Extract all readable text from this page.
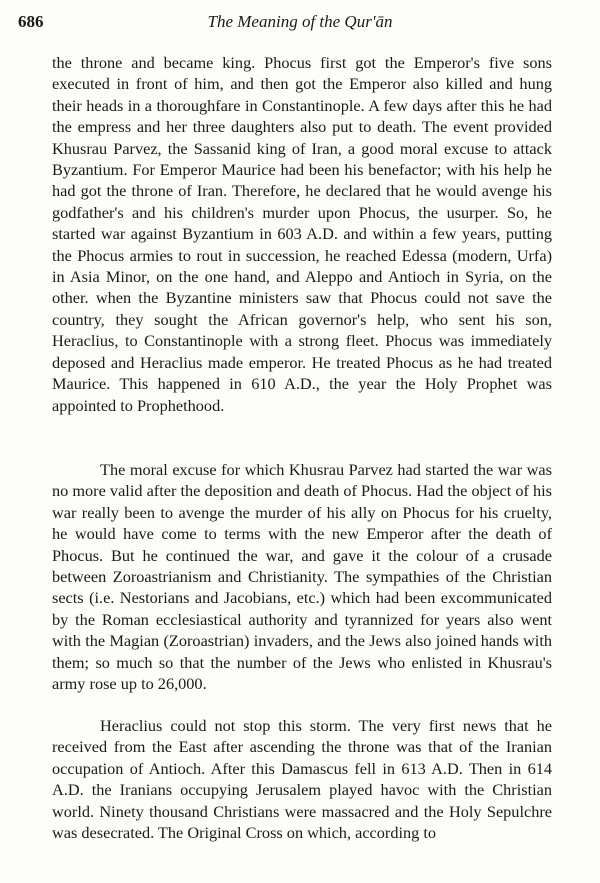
686	The Meaning of the Qur'ān

the throne and became king. Phocus first got the Emperor's five sons executed in front of him, and then got the Emperor also killed and hung their heads in a thoroughfare in Constantinople. A few days after this he had the empress and her three daughters also put to death. The event provided Khusrau Parvez, the Sassanid king of Iran, a good moral excuse to attack Byzantium. For Emperor Maurice had been his benefactor; with his help he had got the throne of Iran. Therefore, he declared that he would avenge his godfather's and his children's murder upon Phocus, the usurper. So, he started war against Byzantium in 603 A.D. and within a few years, putting the Phocus armies to rout in succession, he reached Edessa (modern, Urfa) in Asia Minor, on the one hand, and Aleppo and Antioch in Syria, on the other. when the Byzantine ministers saw that Phocus could not save the country, they sought the African governor's help, who sent his son, Heraclius, to Constantinople with a strong fleet. Phocus was immediately deposed and Heraclius made emperor. He treated Phocus as he had treated Maurice. This happened in 610 A.D., the year the Holy Prophet was appointed to Prophethood.

The moral excuse for which Khusrau Parvez had started the war was no more valid after the deposition and death of Phocus. Had the object of his war really been to avenge the murder of his ally on Phocus for his cruelty, he would have come to terms with the new Emperor after the death of Phocus. But he continued the war, and gave it the colour of a crusade between Zoroastrianism and Christianity. The sympathies of the Christian sects (i.e. Nestorians and Jacobians, etc.) which had been excommunicated by the Roman ecclesiastical authority and tyrannized for years also went with the Magian (Zoroastrian) invaders, and the Jews also joined hands with them; so much so that the number of the Jews who enlisted in Khusrau's army rose up to 26,000.

Heraclius could not stop this storm. The very first news that he received from the East after ascending the throne was that of the Iranian occupation of Antioch. After this Damascus fell in 613 A.D. Then in 614 A.D. the Iranians occupying Jerusalem played havoc with the Christian world. Ninety thousand Christians were massacred and the Holy Sepulchre was desecrated. The Original Cross on which, according to
